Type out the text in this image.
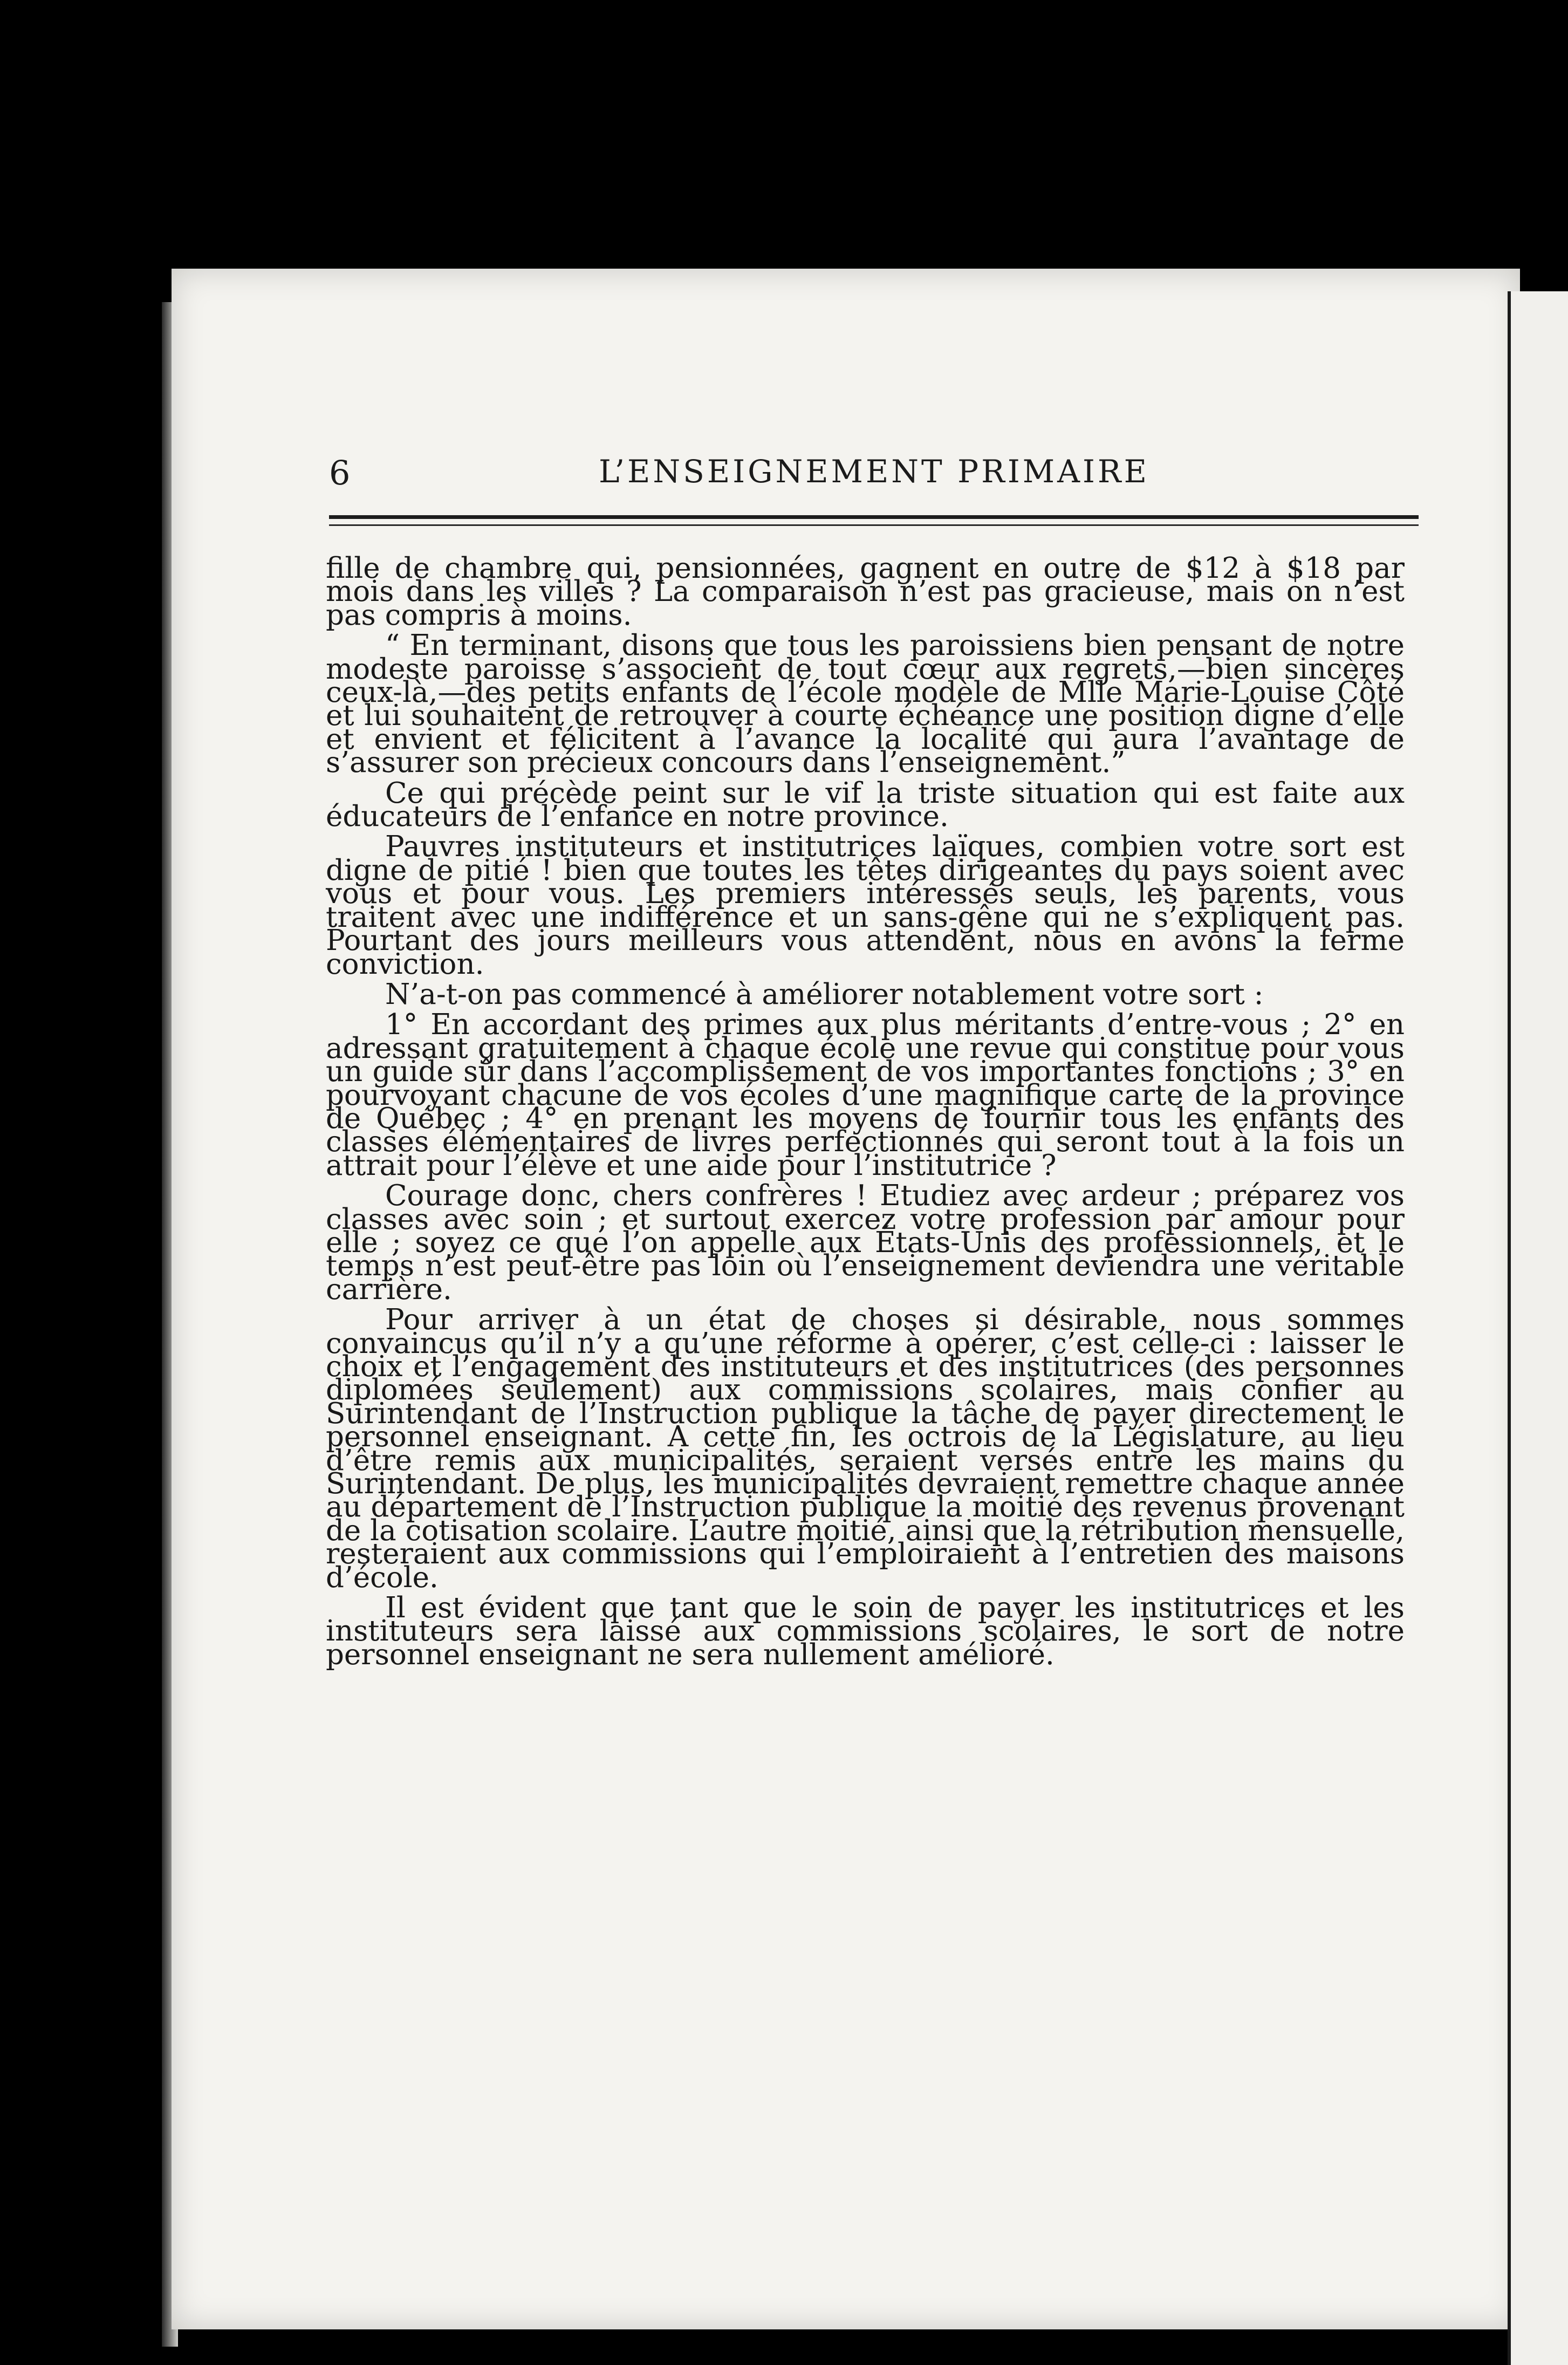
6	L’ENSEIGNEMENT PRIMAIRE

fille de chambre qui, pensionnées, gagnent en outre de $12 à $18 par mois dans les villes ? La comparaison n’est pas gracieuse, mais on n’est pas compris à moins.

“ En terminant, disons que tous les paroissiens bien pensant de notre modeste paroisse s’associent de tout cœur aux regrets,—bien sincères ceux-là,—des petits enfants de l’école modèle de Mlle Marie-Louise Côté et lui souhaitent de retrouver à courte échéance une position digne d’elle et envient et félicitent à l’avance la localité qui aura l’avantage de s’assurer son précieux concours dans l’enseignement.”

Ce qui précède peint sur le vif la triste situation qui est faite aux éducateurs de l’enfance en notre province.

Pauvres instituteurs et institutrices laïques, combien votre sort est digne de pitié ! bien que toutes les têtes dirigeantes du pays soient avec vous et pour vous. Les premiers intéressés seuls, les parents, vous traitent avec une indifférence et un sans-gêne qui ne s’expliquent pas. Pourtant des jours meilleurs vous attendent, nous en avons la ferme conviction.

N’a-t-on pas commencé à améliorer notablement votre sort :

1° En accordant des primes aux plus méritants d’entre-vous ; 2° en adressant gratuitement à chaque école une revue qui constitue pour vous un guide sûr dans l’accomplissement de vos importantes fonctions ; 3° en pourvoyant chacune de vos écoles d’une magnifique carte de la province de Québec ; 4° en prenant les moyens de fournir tous les enfants des classes élémentaires de livres perfectionnés qui seront tout à la fois un attrait pour l’élève et une aide pour l’institutrice ?

Courage donc, chers confrères ! Etudiez avec ardeur ; préparez vos classes avec soin ; et surtout exercez votre profession par amour pour elle ; soyez ce que l’on appelle aux États-Unis des professionnels, et le temps n’est peut-être pas loin où l’enseignement deviendra une véritable carrière.

Pour arriver à un état de choses si désirable, nous sommes convaincus qu’il n’y a qu’une réforme à opérer, c’est celle-ci : laisser le choix et l’engagement des instituteurs et des institutrices (des personnes diplomées seulement) aux commissions scolaires, mais confier au Surintendant de l’Instruction publique la tâche de payer directement le personnel enseignant. A cette fin, les octrois de la Législature, au lieu d’être remis aux municipalités, seraient versés entre les mains du Surintendant. De plus, les municipalités devraient remettre chaque année au département de l’Instruction publique la moitié des revenus provenant de la cotisation scolaire. L’autre moitié, ainsi que la rétribution mensuelle, resteraient aux commissions qui l’emploiraient à l’entretien des maisons d’école.

Il est évident que tant que le soin de payer les institutrices et les instituteurs sera laissé aux commissions scolaires, le sort de notre personnel enseignant ne sera nullement amélioré.
